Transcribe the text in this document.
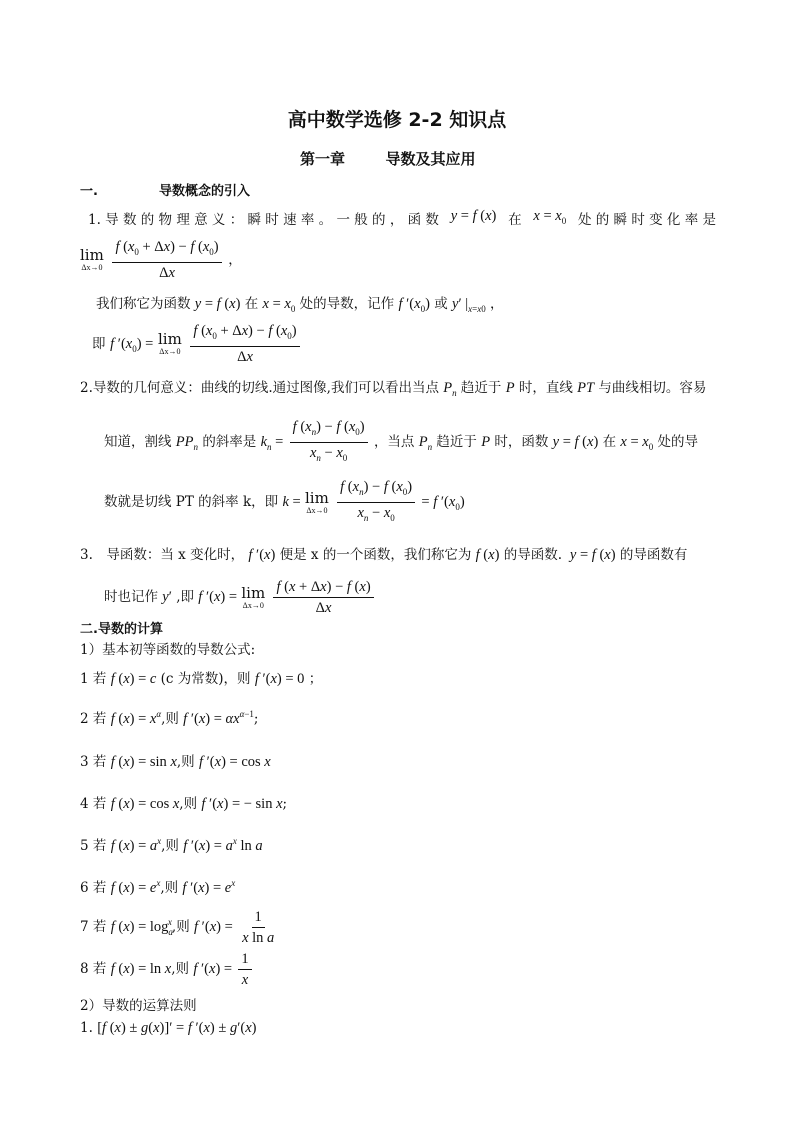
高中数学选修 2-2 知识点
第一章	导数及其应用
一.	导数概念的引入
1. 导 数 的 物 理 意 义 ： 瞬 时 速 率 。 一 般 的 ， 函 数 y = f (x) 在 $x = x_0$ 处 的 瞬 时 变 化 率 是
lim
Δx→0
$\frac{f (x_0 + \Delta x) - f (x_0)}{\Delta x}$ ，
我们称它为函数 y = f (x) 在 $x = x_0$ 处的导数，记作 f $'(x_0)$ 或 y′ $|_{x=x0}$ ，
即 f $'(x_0) = \lim$
Δx→0
$\frac{f (x_0 + \Delta x) - f (x_0)}{\Delta x}$
2.导数的几何意义：曲线的切线.通过图像,我们可以看出当点 $P_n$ 趋近于 P 时，直线 PT 与曲线相切。容易
知道，割线 $PP_n$ 的斜率是 $k_n = \frac{f (x_n) - f (x_0)}{x_n - x_0}$ ，当点 $P_n$ 趋近于 P 时，函数 y = f (x) 在 $x = x_0$ 处的导
数就是切线 PT 的斜率 k，即 k = lim
Δx→0
$\frac{f (x_n) - f (x_0)}{x_n - x_0} = f$ $'(x_0)$
3.　导函数：当 x 变化时， f ′(x) 便是 x 的一个函数，我们称它为 f (x) 的导函数.  y = f (x) 的导函数有
时也记作 y′ ,即 f ′(x) = lim
Δx→0
$\frac{f (x + \Delta x) - f (x)}{\Delta x}$
二.导数的计算
1）基本初等函数的导数公式:
1 若 f (x) = c (c 为常数)，则 f ′(x) = 0 ；
2 若 f $(x) = x^\alpha$,则 f $'(x) = \alpha x^{\alpha-1}$;
3 若 f (x) = sin x,则 f ′(x) = cos x
4 若 f (x) = cos x,则 f ′(x) = − sin x;
5 若 f $(x) = a^x$,则 f $'(x) = a^x$ ln a
6 若 f $(x) = e^x$,则 f $'(x) = e^x$
7 若 f $(x) = \log_a^x$,则 f $'(x) = \frac{1}{\text{x ln a}}$
8 若 f (x) = ln x,则 f $'(x) = \frac{1}{x}$
2）导数的运算法则
1. [f (x) ± g(x)]′ = f ′(x) ± g′(x)
